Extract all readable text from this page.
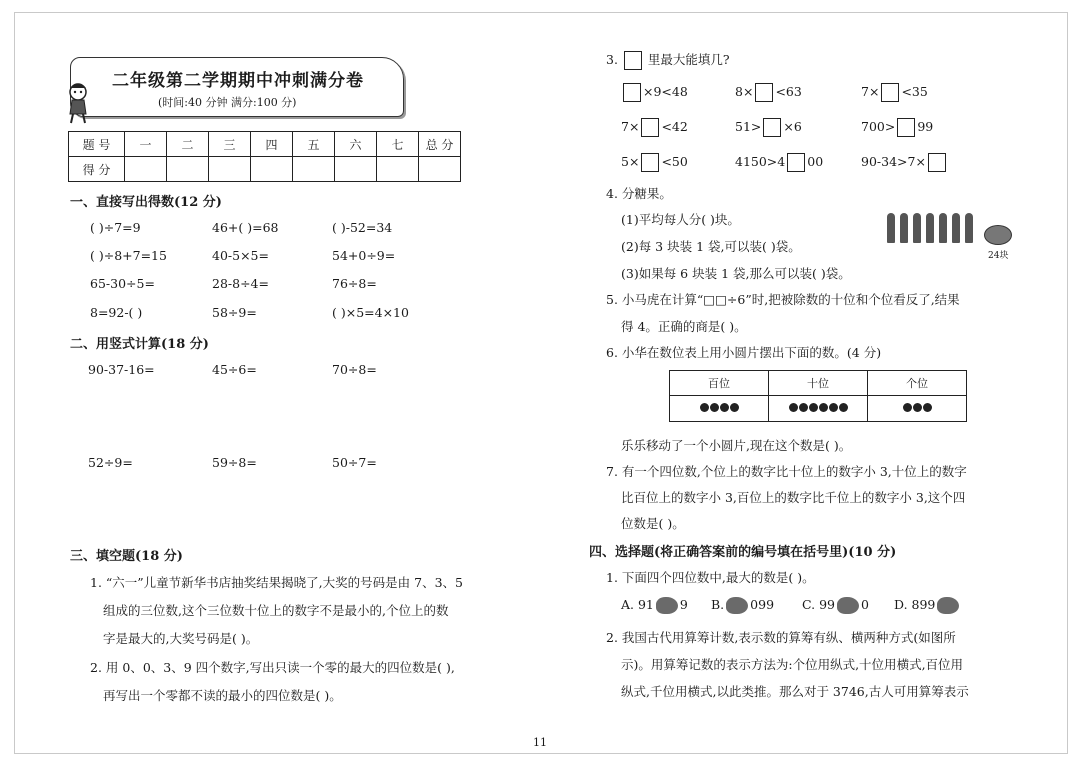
二年级第二学期期中冲刺满分卷
(时间:40 分钟 满分:100 分)
题 号	一	二	三	四	五	六	七	总 分
得 分								
一、直接写出得数(12 分)
( )÷7=9	46+( )=68	( )-52=34
( )÷8+7=15	40-5×5=	54+0÷9=
65-30÷5=	28-8÷4=	76÷8=
8=92-( )	58÷9=	( )×5=4×10
二、用竖式计算(18 分)
90-37-16=	45÷6=	70÷8=
52÷9=	59÷8=	50÷7=
三、填空题(18 分)
1. “六一”儿童节新华书店抽奖结果揭晓了,大奖的号码是由 7、3、5
组成的三位数,这个三位数十位上的数字不是最小的,个位上的数
字是最大的,大奖号码是( )。
2. 用 0、0、3、9 四个数字,写出只读一个零的最大的四位数是( ),
再写出一个零都不读的最小的四位数是( )。
3. 里最大能填几?
×9<48	8× <63	7× <35
7× <42	51> ×6	700> 99
5× <50	4150>4 00	90-34>7×
4. 分糖果。
(1)平均每人分( )块。
(2)每 3 块装 1 袋,可以装( )袋。
(3)如果每 6 块装 1 袋,那么可以装( )袋。
24块
5. 小马虎在计算“□□÷6”时,把被除数的十位和个位看反了,结果
得 4。正确的商是( )。
6. 小华在数位表上用小圆片摆出下面的数。(4 分)
百位	十位	个位

乐乐移动了一个小圆片,现在这个数是( )。
7. 有一个四位数,个位上的数字比十位上的数字小 3,十位上的数字
比百位上的数字小 3,百位上的数字比千位上的数字小 3,这个四
位数是( )。
四、选择题(将正确答案前的编号填在括号里)(10 分)
1. 下面四个四位数中,最大的数是( )。
A. 91 9 B. 099 C. 99 0 D. 899
2. 我国古代用算筹计数,表示数的算筹有纵、横两种方式(如图所
示)。用算筹记数的表示方法为:个位用纵式,十位用横式,百位用
纵式,千位用横式,以此类推。那么对于 3746,古人可用算筹表示
11
